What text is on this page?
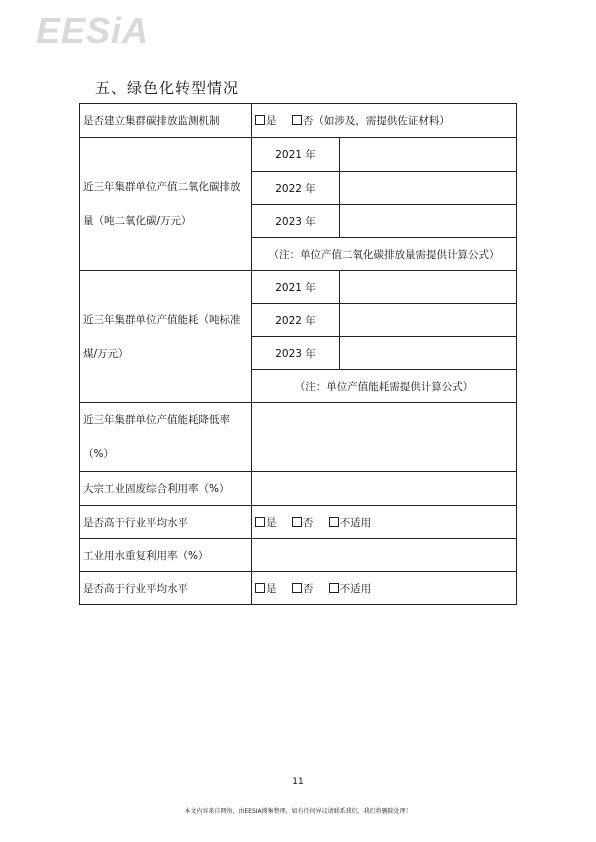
EESiA
五、绿色化转型情况
是否建立集群碳排放监测机制	是 否（如涉及，需提供佐证材料）	
近三年集群单位产值二氧化碳排放量（吨二氧化碳/万元）	2021 年	
	2022 年	
	2023 年	
	（注：单位产值二氧化碳排放量需提供计算公式）	
近三年集群单位产值能耗（吨标准煤/万元）	2021 年	
	2022 年	
	2023 年	
	（注：单位产值能耗需提供计算公式）	
近三年集群单位产值能耗降低率（%）		
大宗工业固废综合利用率（%）		
是否高于行业平均水平	是 否 不适用	
工业用水重复利用率（%）		
是否高于行业平均水平	是 否 不适用	
11
本文内容来自网络，由EESIA搜集整理，如有任何异议请联系我们，我们将删除处理！
